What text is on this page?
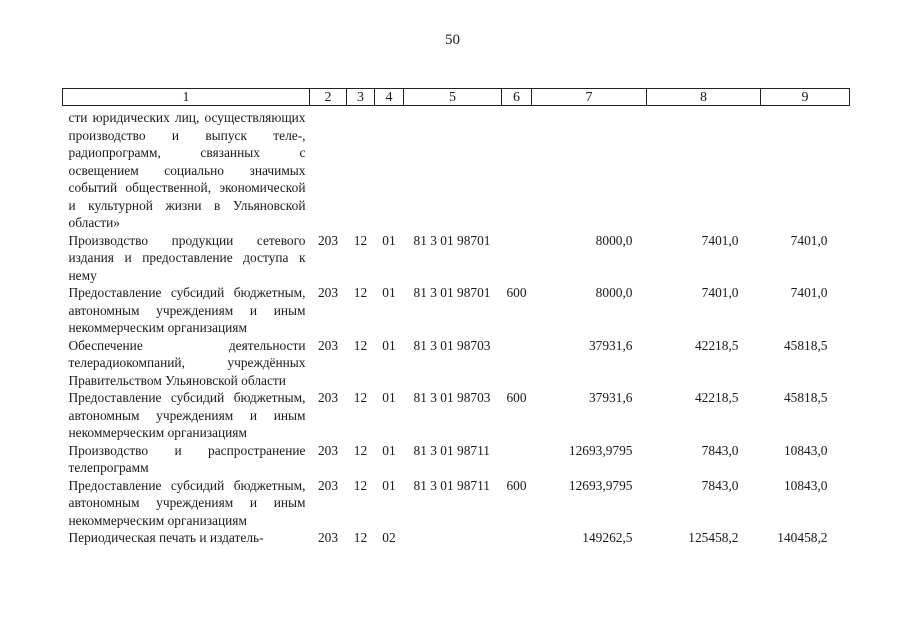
50
1	2	3	4	5	6	7	8	9

сти юридических лиц, осуществляющих производство и выпуск теле-, радиопрограмм, связанных с освещением социально значимых событий общественной, экономической и культурной жизни в Ульяновской области»								
Производство продукции сетевого издания и предоставление доступа к нему	203	12	01	81 3 01 98701		8000,0	7401,0	7401,0
Предоставление субсидий бюджетным, автономным учреждениям и иным некоммерческим организациям	203	12	01	81 3 01 98701	600	8000,0	7401,0	7401,0
Обеспечение деятельности телерадиокомпаний, учреждённых Правительством Ульяновской области	203	12	01	81 3 01 98703		37931,6	42218,5	45818,5
Предоставление субсидий бюджетным, автономным учреждениям и иным некоммерческим организациям	203	12	01	81 3 01 98703	600	37931,6	42218,5	45818,5
Производство и распространение телепрограмм	203	12	01	81 3 01 98711		12693,9795	7843,0	10843,0
Предоставление субсидий бюджетным, автономным учреждениям и иным некоммерческим организациям	203	12	01	81 3 01 98711	600	12693,9795	7843,0	10843,0
Периодическая печать и издатель-	203	12	02			149262,5	125458,2	140458,2
